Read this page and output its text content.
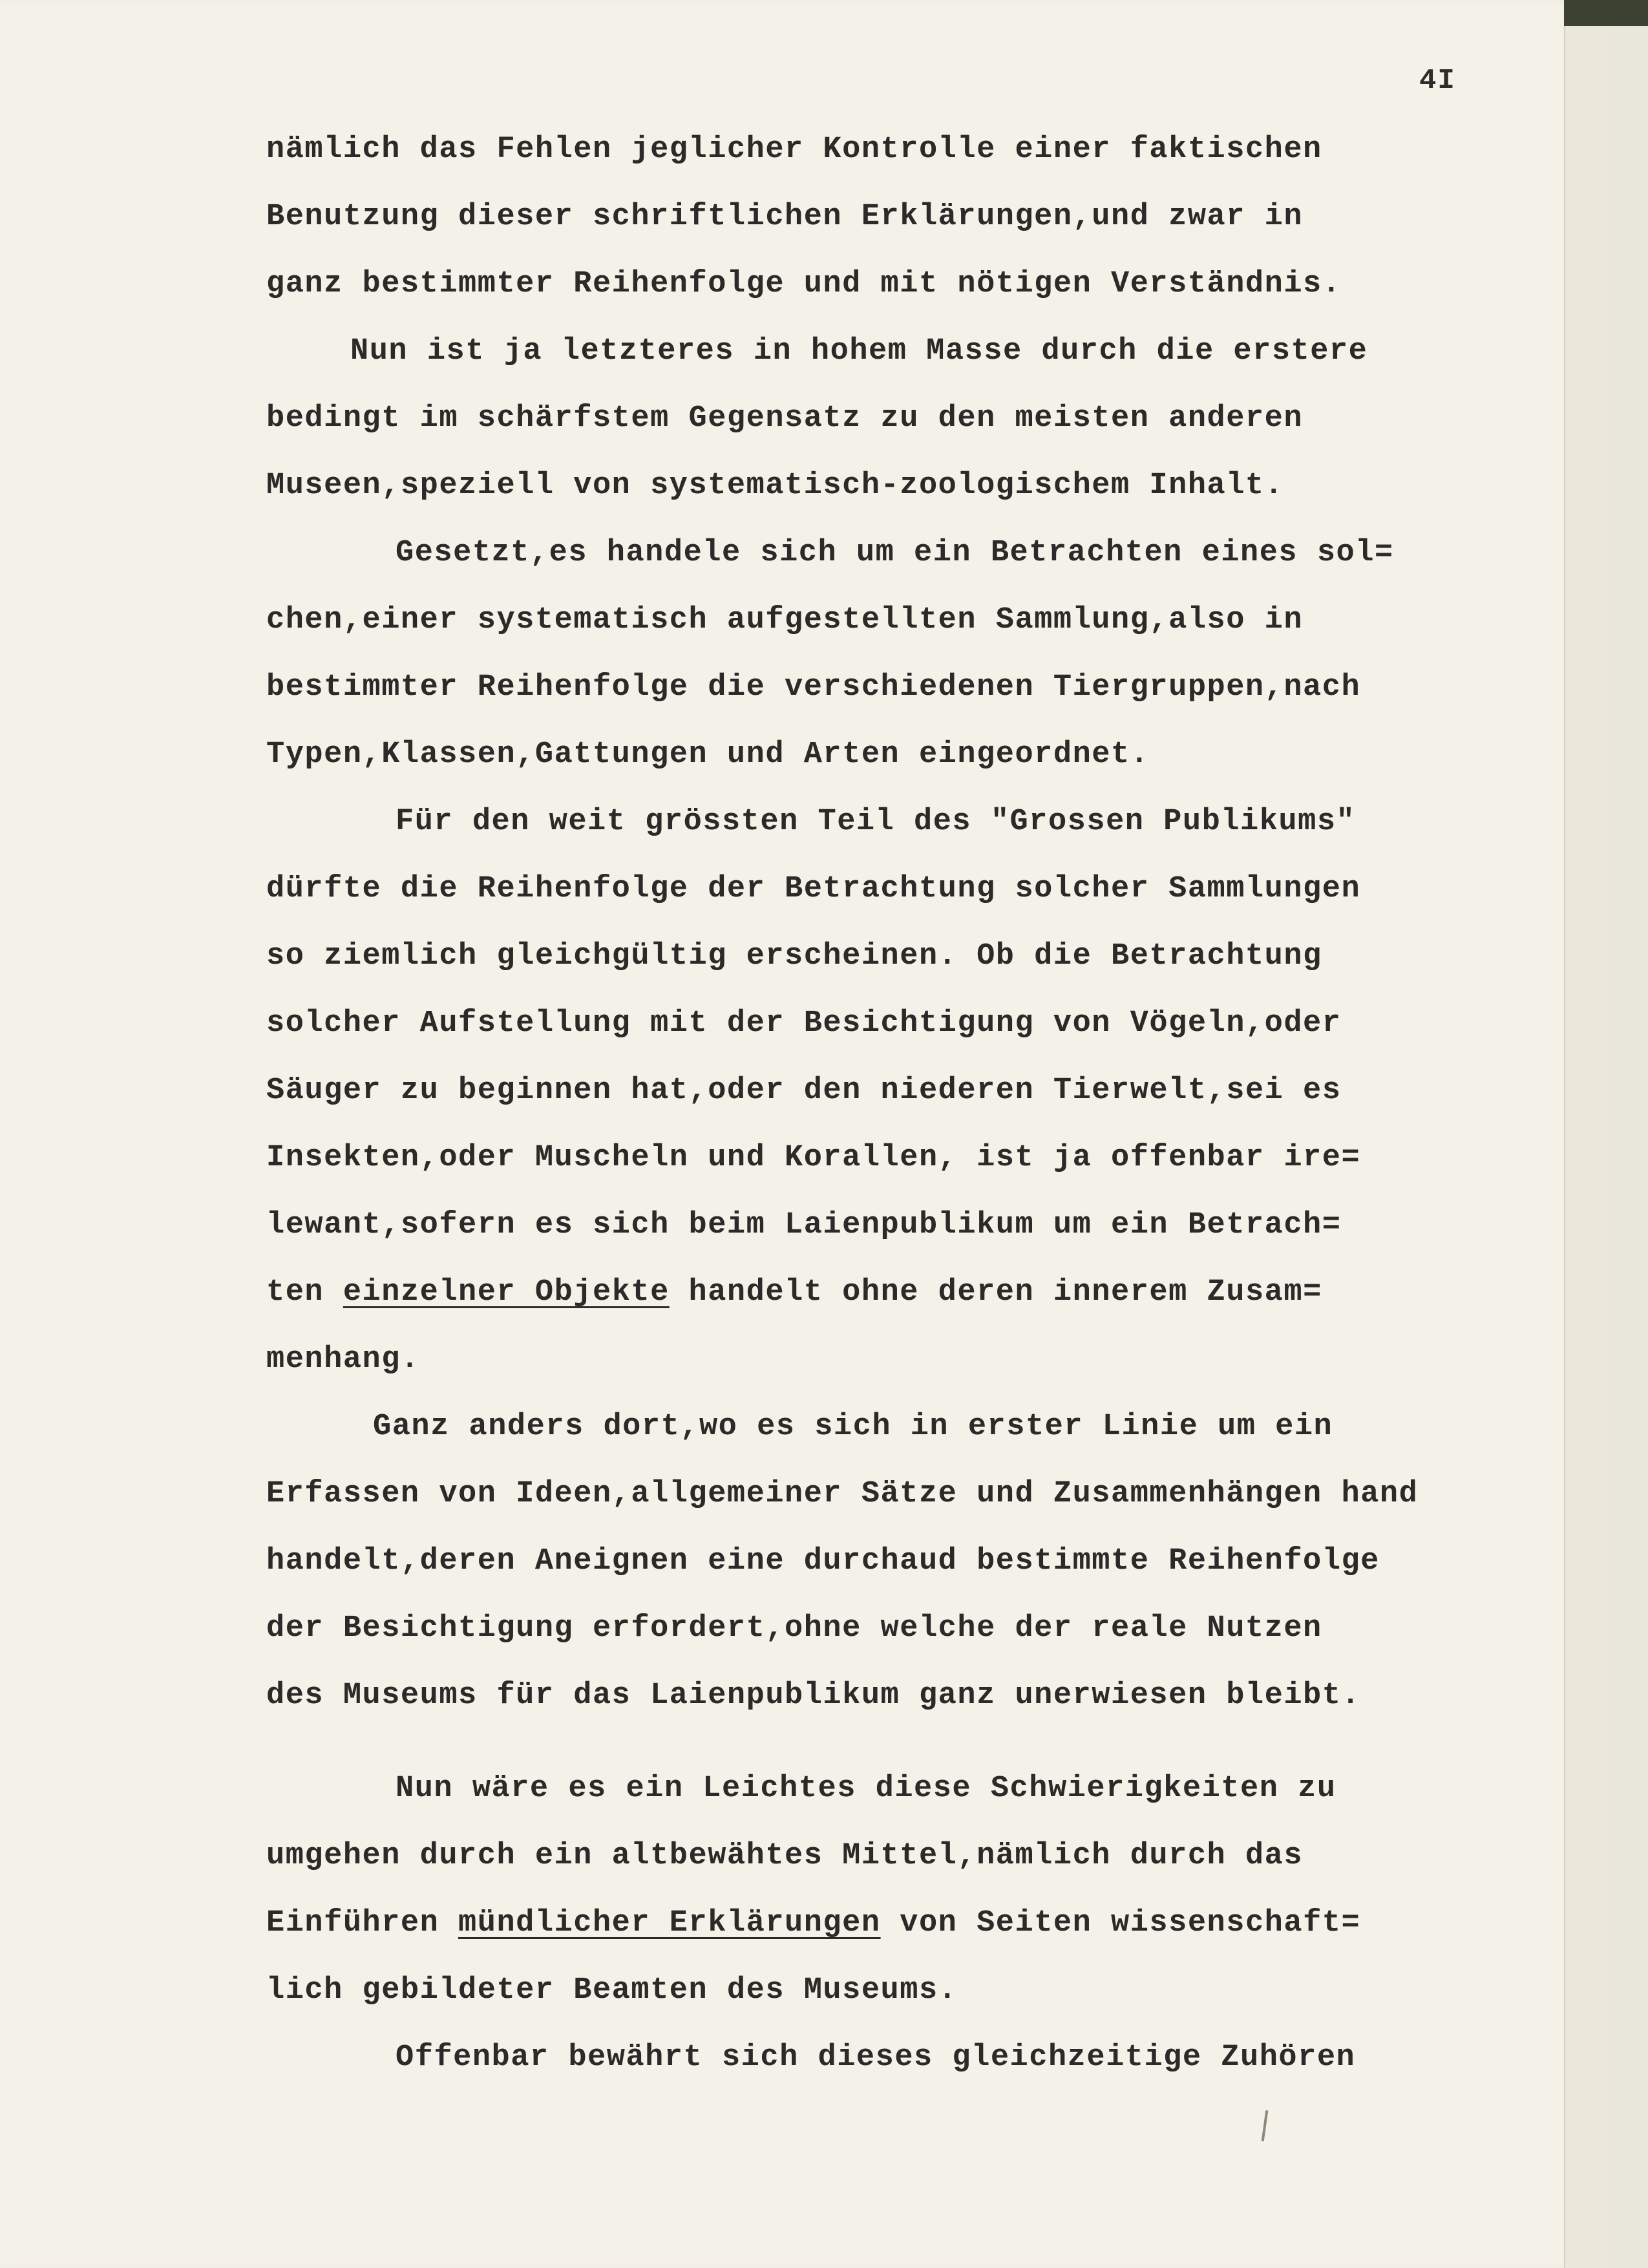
4I
nämlich das Fehlen jeglicher Kontrolle einer faktischen
Benutzung dieser schriftlichen Erklärungen,und zwar in
ganz bestimmter Reihenfolge und mit nötigen Verständnis.
Nun ist ja letzteres in hohem Masse durch die erstere
bedingt im schärfstem Gegensatz zu den meisten anderen
Museen,speziell von systematisch-zoologischem Inhalt.
Gesetzt,es handele sich um ein Betrachten eines sol=
chen,einer systematisch aufgestellten Sammlung,also in
bestimmter Reihenfolge die verschiedenen Tiergruppen,nach
Typen,Klassen,Gattungen und Arten eingeordnet.
Für den weit grössten Teil des "Grossen Publikums"
dürfte die Reihenfolge der Betrachtung solcher Sammlungen
so ziemlich gleichgültig erscheinen. Ob die Betrachtung
solcher Aufstellung mit der Besichtigung von Vögeln,oder
Säuger zu beginnen hat,oder den niederen Tierwelt,sei es
Insekten,oder Muscheln und Korallen, ist ja offenbar ire=
lewant,sofern es sich beim Laienpublikum um ein Betrach=
ten einzelner Objekte handelt ohne deren innerem Zusam=
menhang.
Ganz anders dort,wo es sich in erster Linie um ein
Erfassen von Ideen,allgemeiner Sätze und Zusammenhängen hand
handelt,deren Aneignen eine durchaud bestimmte Reihenfolge
der Besichtigung erfordert,ohne welche der reale Nutzen
des Museums für das Laienpublikum ganz unerwiesen bleibt.
Nun wäre es ein Leichtes diese Schwierigkeiten zu
umgehen durch ein altbewähtes Mittel,nämlich durch das
Einführen mündlicher Erklärungen von Seiten wissenschaft=
lich gebildeter Beamten des Museums.
Offenbar bewährt sich dieses gleichzeitige Zuhören
